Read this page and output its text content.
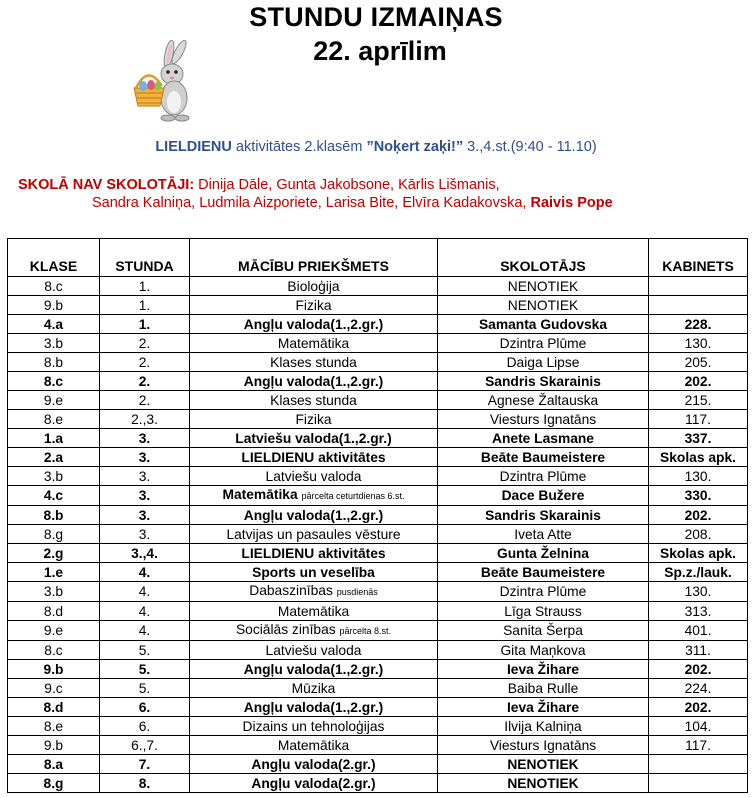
STUNDU IZMAIŅAS
22. aprīlim
LIELDIENU aktivitātes 2.klasēm ”Noķert zaķi!” 3.,4.st.(9:40 - 11.10)
SKOLĀ NAV SKOLOTĀJI: Dinija Dāle, Gunta Jakobsone, Kārlis Lišmanis,
Sandra Kalniņa, Ludmila Aizporiete, Larisa Bite, Elvīra Kadakovska, Raivis Pope
KLASE	STUNDA	MĀCĪBU PRIEKŠMETS	SKOLOTĀJS	KABINETS
8.c	1.	Bioloģija	NENOTIEK	
9.b	1.	Fizika	NENOTIEK	
4.a	1.	Angļu valoda(1.,2.gr.)	Samanta Gudovska	228.
3.b	2.	Matemātika	Dzintra Plūme	130.
8.b	2.	Klases stunda	Daiga Lipse	205.
8.c	2.	Angļu valoda(1.,2.gr.)	Sandris Skarainis	202.
9.e	2.	Klases stunda	Agnese Žaltauska	215.
8.e	2.,3.	Fizika	Viesturs Ignatāns	117.
1.a	3.	Latviešu valoda(1.,2.gr.)	Anete Lasmane	337.
2.a	3.	LIELDIENU aktivitātes	Beāte Baumeistere	Skolas apk.
3.b	3.	Latviešu valoda	Dzintra Plūme	130.
4.c	3.	Matemātika pārcelta ceturtdienas 6.st.	Dace Bužere	330.
8.b	3.	Angļu valoda(1.,2.gr.)	Sandris Skarainis	202.
8.g	3.	Latvijas un pasaules vēsture	Iveta Atte	208.
2.g	3.,4.	LIELDIENU aktivitātes	Gunta Želnina	Skolas apk.
1.e	4.	Sports un veselība	Beāte Baumeistere	Sp.z./lauk.
3.b	4.	Dabaszinības pusdienās	Dzintra Plūme	130.
8.d	4.	Matemātika	Līga Strauss	313.
9.e	4.	Sociālās zinības pārcelta 8.st.	Sanita Šerpa	401.
8.c	5.	Latviešu valoda	Gita Maņkova	311.
9.b	5.	Angļu valoda(1.,2.gr.)	Ieva Žihare	202.
9.c	5.	Mūzika	Baiba Rulle	224.
8.d	6.	Angļu valoda(1.,2.gr.)	Ieva Žihare	202.
8.e	6.	Dizains un tehnoloģijas	Ilvija Kalniņa	104.
9.b	6.,7.	Matemātika	Viesturs Ignatāns	117.
8.a	7.	Angļu valoda(2.gr.)	NENOTIEK	
8.g	8.	Angļu valoda(2.gr.)	NENOTIEK	
